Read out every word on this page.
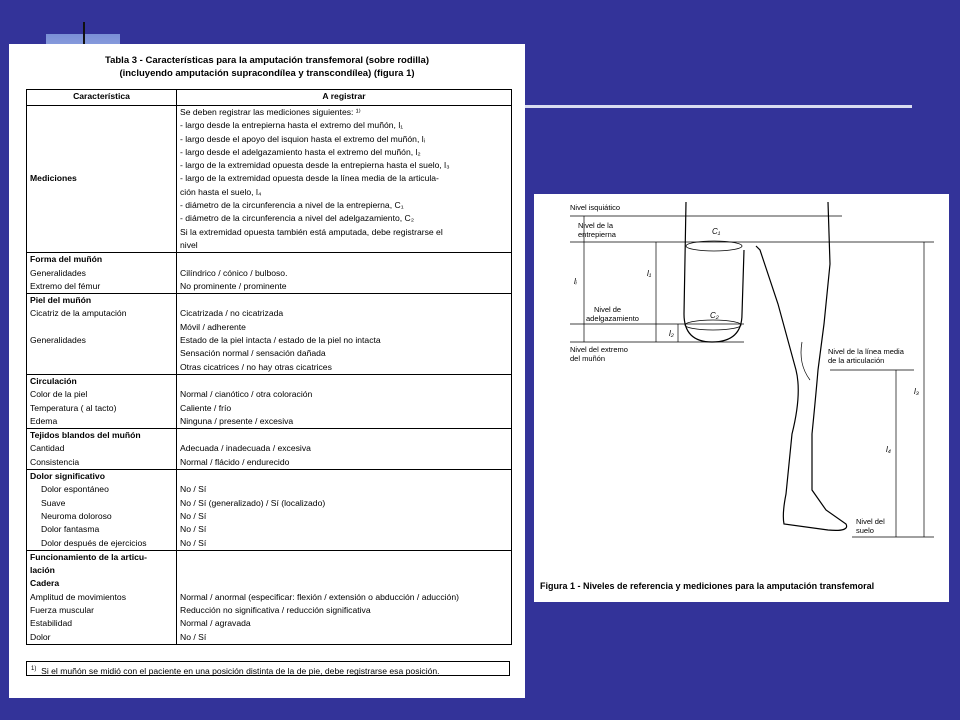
Tabla 3 - Características para la amputación transfemoral (sobre rodilla)
(incluyendo amputación supracondílea y transcondílea) (figura 1)
Característica	A registrar
	Se deben registrar las mediciones siguientes: ¹⁾
	- largo desde la entrepierna hasta el extremo del muñón, l₁
	- largo desde el apoyo del isquion hasta el extremo del muñón, lᵢ
	- largo desde el adelgazamiento hasta el extremo del muñón, l₂
	- largo de la extremidad opuesta desde la entrepierna hasta el suelo, l₃
Mediciones	- largo de la extremidad opuesta desde la línea media de la articula-
	ción hasta el suelo, l₄
	- diámetro de la circunferencia a nivel de la entrepierna, C₁
	- diámetro de la circunferencia a nivel del adelgazamiento, C₂
	Si la extremidad opuesta también está amputada, debe registrarse el
	nivel
Forma del muñón	
Generalidades	Cilíndrico / cónico / bulboso.
Extremo del fémur	No prominente / prominente
Piel del muñón	
Cicatriz de la amputación	Cicatrizada / no cicatrizada
	Móvil / adherente
Generalidades	Estado de la piel intacta / estado de la piel no intacta
	Sensación normal / sensación dañada
	Otras cicatrices / no hay otras cicatrices
Circulación	
Color de la piel	Normal / cianótico / otra coloración
Temperatura ( al tacto)	Caliente / frío
Edema	Ninguna / presente / excesiva
Tejidos blandos del muñón	
Cantidad	Adecuada / inadecuada / excesiva
Consistencia	Normal / flácido / endurecido
Dolor significativo	
Dolor espontáneo	No / Sí
Suave	No / Sí (generalizado) / Sí (localizado)
Neuroma doloroso	No / Sí
Dolor fantasma	No / Sí
Dolor después de ejercicios	No / Sí
Funcionamiento de la articu-	
lación	
Cadera	
Amplitud de movimientos	Normal / anormal (especificar: flexión / extensión o abducción / aducción)

Fuerza muscular	Reducción no significativa / reducción significativa
Estabilidad	Normal / agravada
Dolor	No / Sí
$^{1)}$ Si el muñón se midió con el paciente en una posición distinta de la de pie, debe registrarse esa posición.
Nivel isquiático
Nivel de la
entrepierna
Nivel de
adelgazamiento
Nivel del extremo
del muñón
Nivel de la línea media
de la articulación
Nivel del
suelo
C₁
C₂
lᵢ
l₁
l₂
l₃
l₄
Figura 1 - Niveles de referencia y mediciones para la amputación transfemoral
